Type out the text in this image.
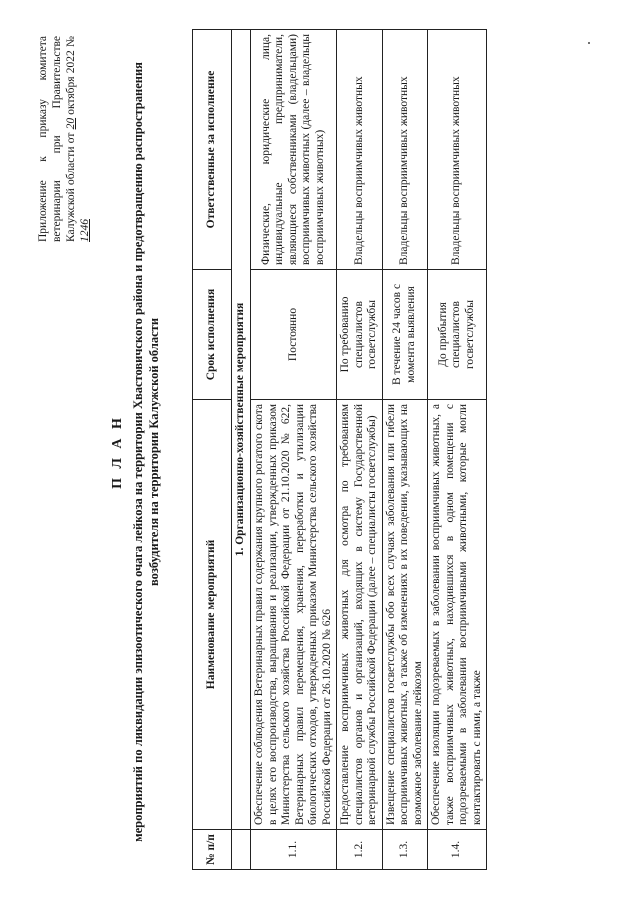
Приложение к приказу комитета ветеринарии при Правительстве Калужской области от 20 октября 2022 № 1246
П Л А Н мероприятий по ликвидации эпизоотического очага лейкоза на территории Хвастовичского района и предотвращению распространения возбудителя на территории Калужской области
№ п/п	Наименование мероприятий	Срок исполнения	Ответственные за исполнение
	1. Организационно-хозяйственные мероприятия		
1.1.	Обеспечение соблюдения Ветеринарных правил содержания крупного рогатого скота в целях его воспроизводства, выращивания и реализации, утвержденных приказом Министерства сельского хозяйства Российской Федерации от 21.10.2020 № 622, Ветеринарных правил перемещения, хранения, переработки и утилизации биологических отходов, утвержденных приказом Министерства сельского хозяйства Российской Федерации от 26.10.2020 № 626	Постоянно	Физические, юридические лица, индивидуальные предприниматели, являющиеся собственниками (владельцами) восприимчивых животных (далее – владельцы восприимчивых животных)
1.2.	Предоставление восприимчивых животных для осмотра по требованиям специалистов органов и организаций, входящих в систему Государственной ветеринарной службы Российской Федерации (далее – специалисты госветслужбы)	По требованию специалистов госветслужбы	Владельцы восприимчивых животных
1.3.	Извещение специалистов госветслужбы обо всех случаях заболевания или гибели восприимчивых животных, а также об изменениях в их поведении, указывающих на возможное заболевание лейкозом	В течение 24 часов с момента выявления	Владельцы восприимчивых животных
1.4.	Обеспечение изоляции подозреваемых в заболевании восприимчивых животных, а также восприимчивых животных, находившихся в одном помещении с подозреваемыми в заболевании восприимчивыми животными, которые могли контактировать с ними, а также	До прибытия специалистов госветслужбы	Владельцы восприимчивых животных
